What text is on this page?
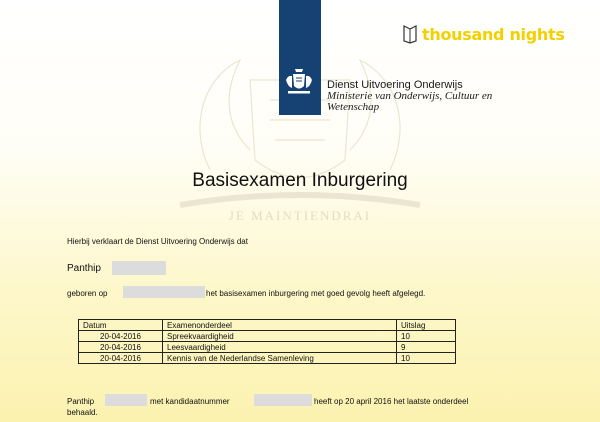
JE MAINTIENDRAI
Dienst Uitvoering Onderwijs
Ministerie van Onderwijs, Cultuur en
Wetenschap
thousand nights
Basisexamen Inburgering
Hierbij verklaart de Dienst Uitvoering Onderwijs dat
Panthip
geboren op	het basisexamen inburgering met goed gevolg heeft afgelegd.
Datum	Examenonderdeel	Uitslag
20-04-2016	Spreekvaardigheid	10
20-04-2016	Leesvaardigheid	9
20-04-2016	Kennis van de Nederlandse Samenleving	10
Panthip	met kandidaatnummer	heeft op 20 april 2016 het laatste onderdeel
behaald.
